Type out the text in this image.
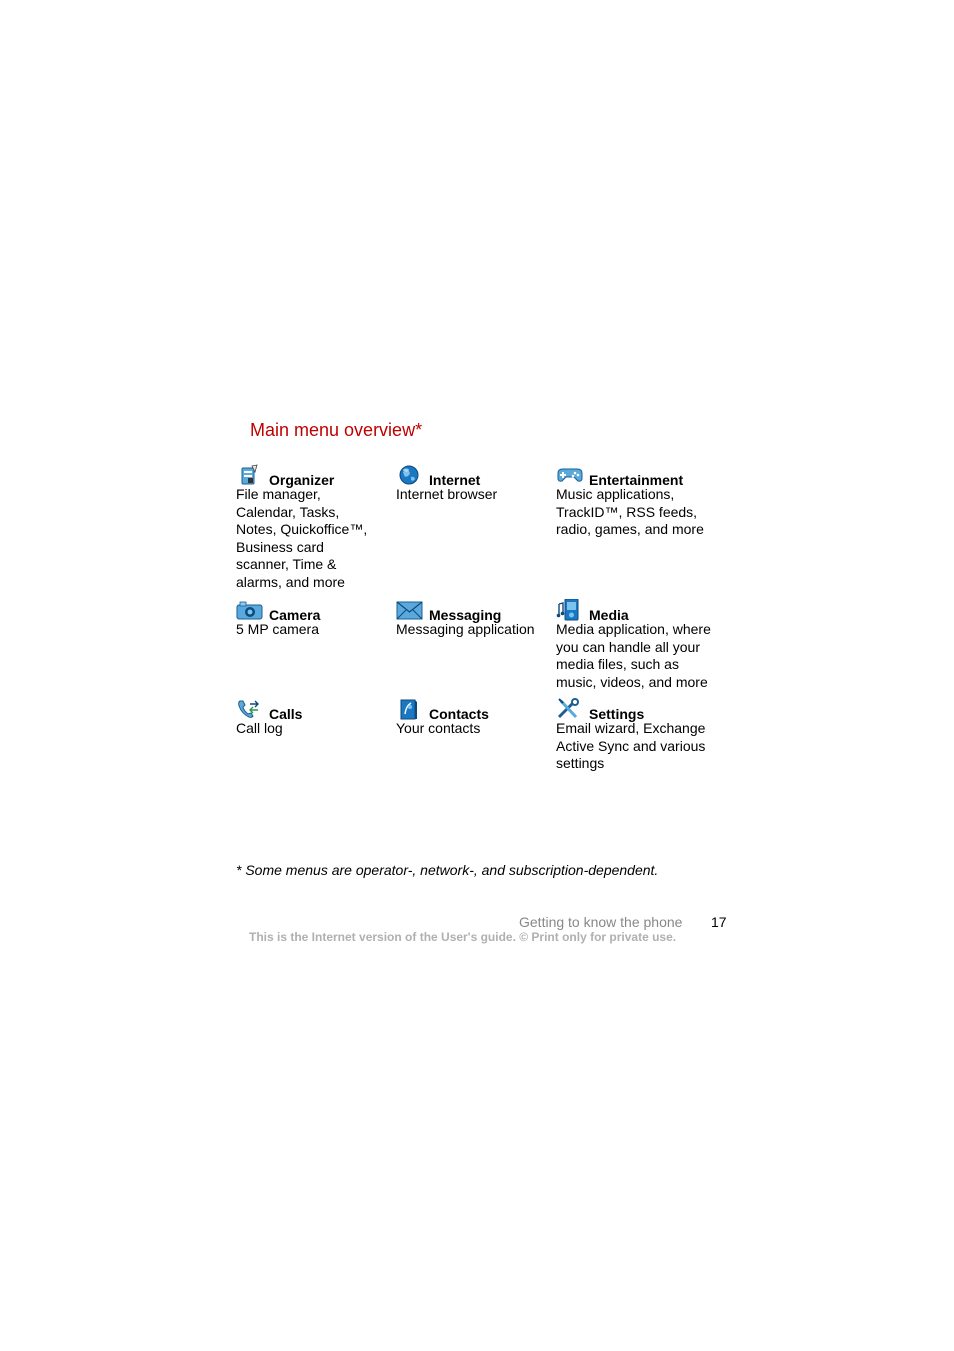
Main menu overview*
Organizer
File manager,
Calendar, Tasks,
Notes, Quickoffice™,
Business card
scanner, Time &
alarms, and more
Internet
Internet browser
Entertainment
Music applications,
TrackID™, RSS feeds,
radio, games, and more
Camera
5 MP camera
Messaging
Messaging application
Media
Media application, where
you can handle all your
media files, such as
music, videos, and more
Calls
Call log
Contacts
Your contacts
Settings
Email wizard, Exchange
Active Sync and various
settings
* Some menus are operator-, network-, and subscription-dependent.
Getting to know the phone 17
This is the Internet version of the User's guide. © Print only for private use.
